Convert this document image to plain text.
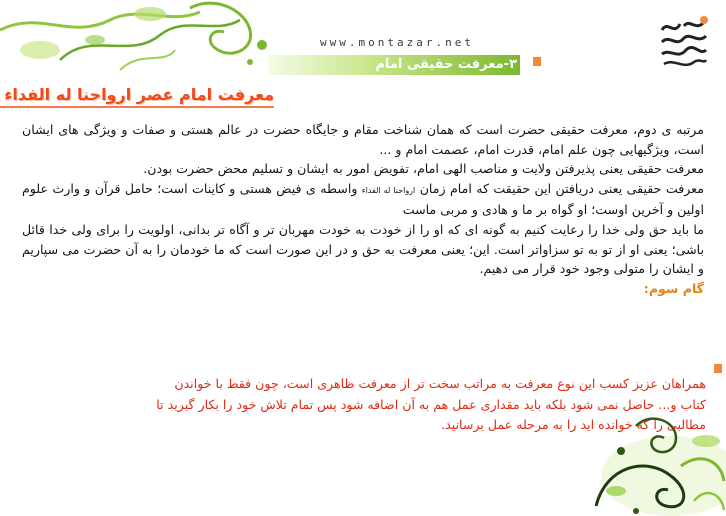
www.montazar.net
۳-معرفت حقیقی امام
معرفت امام عصر ارواحنا له الفداء

مرتبه ی دوم، معرفت حقیقی حضرت است که همان شناخت مقام و جایگاه حضرت در عالم هستی و صفات و ویژگی های ایشان است، ویژگیهایی چون علم امام، قدرت امام، عصمت امام و ...

معرفت حقیقی یعنی پذیرفتن ولایت و مناصب الهی امام، تفویض امور به ایشان و تسلیم محض حضرت بودن.

معرفت حقیقی یعنی دریافتن این حقیقت که امام زمان ارواحنا له الفداء واسطه ی فیض هستی و کاینات است؛ حامل قرآن و وارث علوم اولین و آخرین اوست؛ او گواه بر ما و هادی و مربی ماست

ما باید حق ولی خدا را رعایت کنیم به گونه ای که او را از خودت به خودت مهربان تر و آگاه تر بدانی، اولویت را برای ولی خدا قائل باشی؛ یعنی او از تو به تو سزاواتر است. این؛ یعنی معرفت به حق و در این صورت است که ما خودمان را به آن حضرت می سپاریم و ایشان را متولی وجود خود قرار می دهیم.

گام سوم:

همراهان عزیز کسب این نوع معرفت به مراتب سخت تر از معرفت ظاهری است، چون فقط با خواندن کتاب و... حاصل نمی شود بلکه باید مقداری عمل هم به آن اضافه شود پس تمام تلاش خود را بکار گیرید تا مطالبی را که خوانده اید را به مرحله عمل برسانید.
